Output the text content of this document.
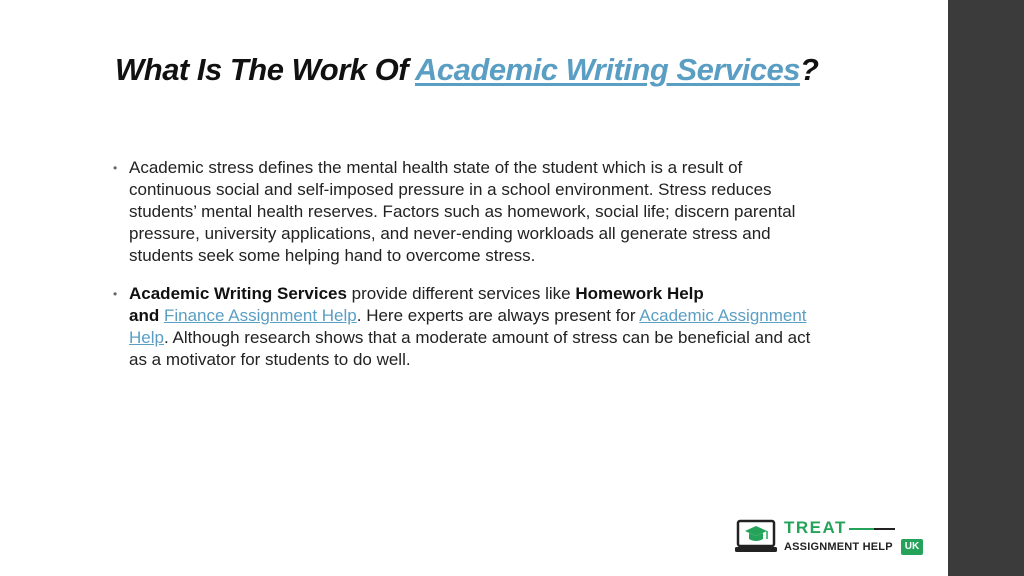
What Is The Work Of Academic Writing Services?
• Academic stress defines the mental health state of the student which is a result of continuous social and self-imposed pressure in a school environment. Stress reduces students’ mental health reserves. Factors such as homework, social life; discern parental pressure, university applications, and never-ending workloads all generate stress and students seek some helping hand to overcome stress.
• Academic Writing Services provide different services like Homework Help
and Finance Assignment Help. Here experts are always present for Academic Assignment Help. Although research shows that a moderate amount of stress can be beneficial and act as a motivator for students to do well.
TREAT
ASSIGNMENT HELP	UK
